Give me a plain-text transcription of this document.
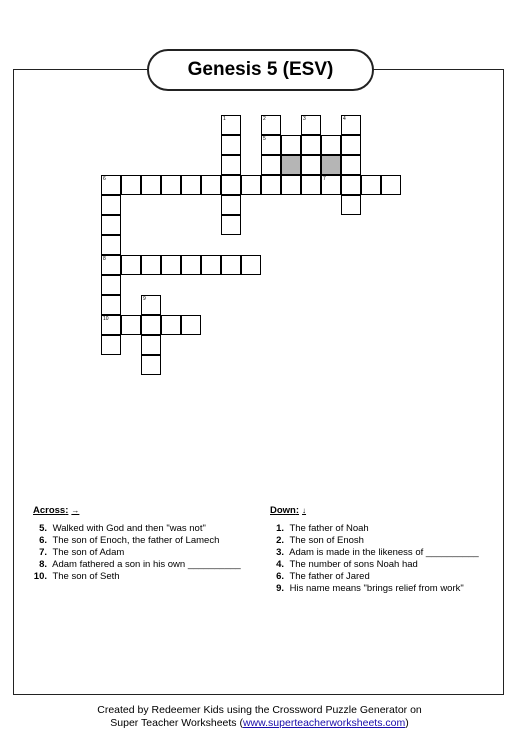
Genesis 5 (ESV)
1	2
5
3	4
6
8
10
9
7
Across: →
5. Walked with God and then "was not"
6. The son of Enoch, the father of Lamech
7. The son of Adam
8. Adam fathered a son in his own __________
10. The son of Seth
Down: ↓
1. The father of Noah
2. The son of Enosh
3. Adam is made in the likeness of __________
4. The number of sons Noah had
6. The father of Jared
9. His name means "brings relief from work"
Created by Redeemer Kids using the Crossword Puzzle Generator on
Super Teacher Worksheets (www.superteacherworksheets.com)
